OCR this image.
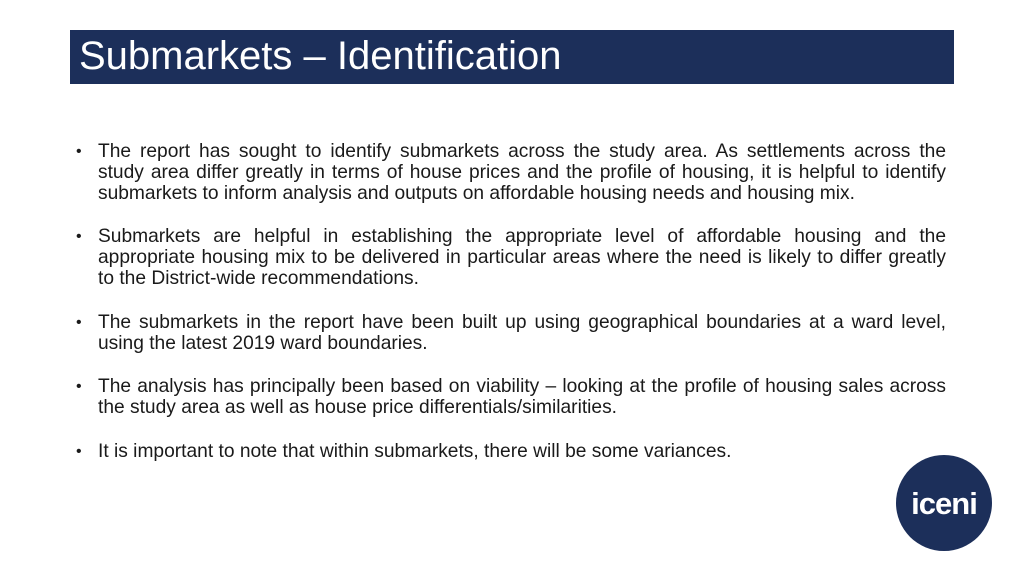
Submarkets – Identification
• The report has sought to identify submarkets across the study area. As settlements across the study area differ greatly in terms of house prices and the profile of housing, it is helpful to identify submarkets to inform analysis and outputs on affordable housing needs and housing mix.
• Submarkets are helpful in establishing the appropriate level of affordable housing and the appropriate housing mix to be delivered in particular areas where the need is likely to differ greatly to the District-wide recommendations.
• The submarkets in the report have been built up using geographical boundaries at a ward level, using the latest 2019 ward boundaries.
• The analysis has principally been based on viability – looking at the profile of housing sales across the study area as well as house price differentials/similarities.
• It is important to note that within submarkets, there will be some variances.
iceni
